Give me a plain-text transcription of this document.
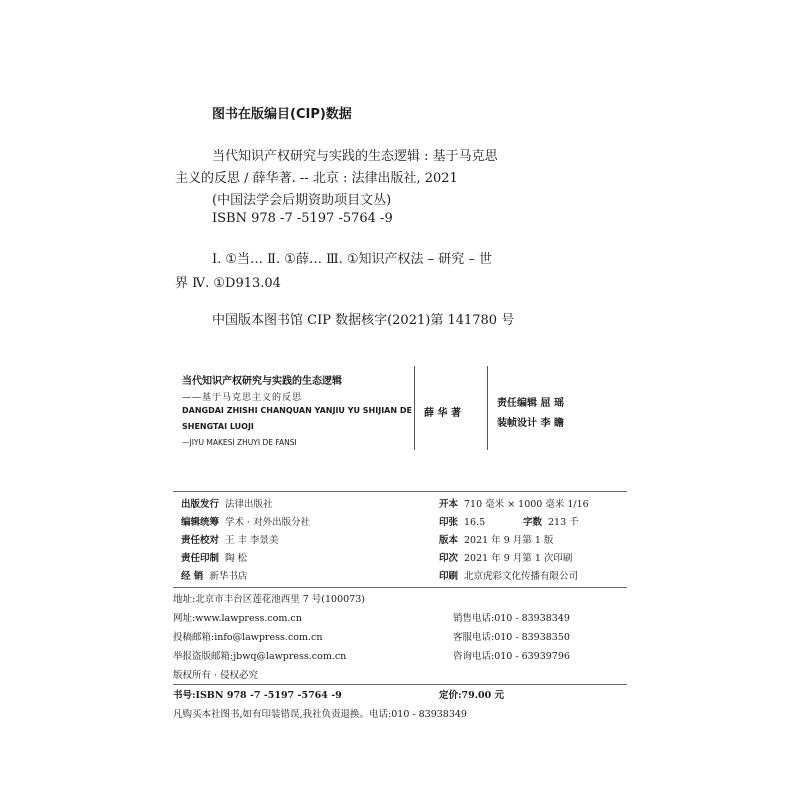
图书在版编目(CIP)数据
当代知识产权研究与实践的生态逻辑 : 基于马克思
主义的反思 / 薛华著. -- 北京 : 法律出版社, 2021
(中国法学会后期资助项目文丛)
ISBN 978 -7 -5197 -5764 -9
Ⅰ. ①当… Ⅱ. ①薛… Ⅲ. ①知识产权法 – 研究 – 世
界 Ⅳ. ①D913.04
中国版本图书馆 CIP 数据核字(2021)第 141780 号
当代知识产权研究与实践的生态逻辑
——基于马克思主义的反思
DANGDAI ZHISHI CHANQUAN YANJIU YU SHIJIAN DE
SHENGTAI LUOJI
—JIYU MAKESI ZHUYI DE FANSI
薛 华 著
责任编辑 屈 瑶
装帧设计 李 瞻
出版发行 法律出版社
编辑统筹 学术 · 对外出版分社
责任校对 王 丰 李景美
责任印制 陶 松
经 销 新华书店
开本 710 毫米 × 1000 毫米 1/16
印张 16.5	字数 213 千
版本 2021 年 9 月第 1 版
印次 2021 年 9 月第 1 次印刷
印刷 北京虎彩文化传播有限公司
地址:北京市丰台区莲花池西里 7 号(100073)
网址:www.lawpress.com.cn
投稿邮箱:info@lawpress.com.cn
举报盗版邮箱:jbwq@lawpress.com.cn
版权所有 · 侵权必究
销售电话:010 - 83938349
客服电话:010 - 83938350
咨询电话:010 - 63939796
书号:ISBN 978 -7 -5197 -5764 -9	定价:79.00 元
凡购买本社图书,如有印装错误,我社负责退换。电话:010 - 83938349
